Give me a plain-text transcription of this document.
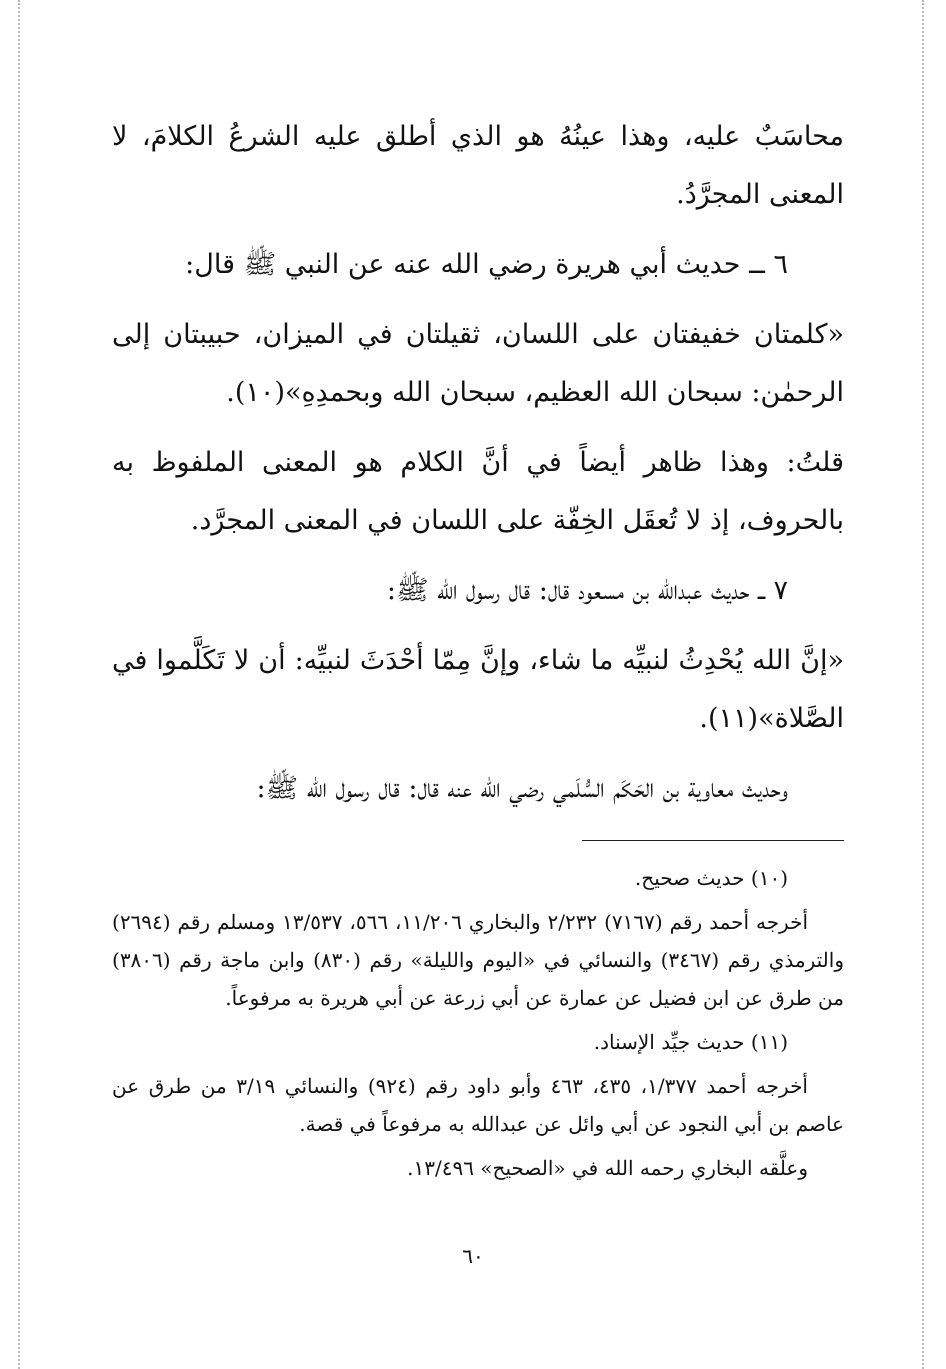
محاسَبٌ عليه، وهذا عينُهُ هو الذي أطلق عليه الشرعُ الكلامَ، لا المعنى المجرَّدُ.

٦ ــ حديث أبي هريرة رضي الله عنه عن النبي ﷺ قال:

«كلمتان خفيفتان على اللسان، ثقيلتان في الميزان، حبيبتان إلى الرحمٰن: سبحان الله العظيم، سبحان الله وبحمدِهِ»(١٠).

قلتُ: وهذا ظاهر أيضاً في أنَّ الكلام هو المعنى الملفوظ به بالحروف، إذ لا تُعقَل الخِفّة على اللسان في المعنى المجرَّد.

٧ ــ حديث عبدالله بن مسعود قال: قال رسول الله ﷺ:

«إنَّ الله يُحْدِثُ لنبيِّه ما شاء، وإنَّ مِمّا أحْدَثَ لنبيِّه: أن لا تَكَلَّموا في الصَّلاة»(١١).

وحديث معاوية بن الحَكَم السُّلَمي رضي الله عنه قال: قال رسول الله ﷺ:

(١٠) حديث صحيح.

أخرجه أحمد رقم (٧١٦٧) ٢/٢٣٢ والبخاري ١١/٢٠٦، ٥٦٦، ١٣/٥٣٧ ومسلم رقم (٢٦٩٤) والترمذي رقم (٣٤٦٧) والنسائي في «اليوم والليلة» رقم (٨٣٠) وابن ماجة رقم (٣٨٠٦) من طرق عن ابن فضيل عن عمارة عن أبي زرعة عن أبي هريرة به مرفوعاً.

(١١) حديث جيِّد الإسناد.

أخرجه أحمد ١/٣٧٧، ٤٣٥، ٤٦٣ وأبو داود رقم (٩٢٤) والنسائي ٣/١٩ من طرق عن عاصم بن أبي النجود عن أبي وائل عن عبدالله به مرفوعاً في قصة.

وعلَّقه البخاري رحمه الله في «الصحيح» ١٣/٤٩٦.

٦٠
